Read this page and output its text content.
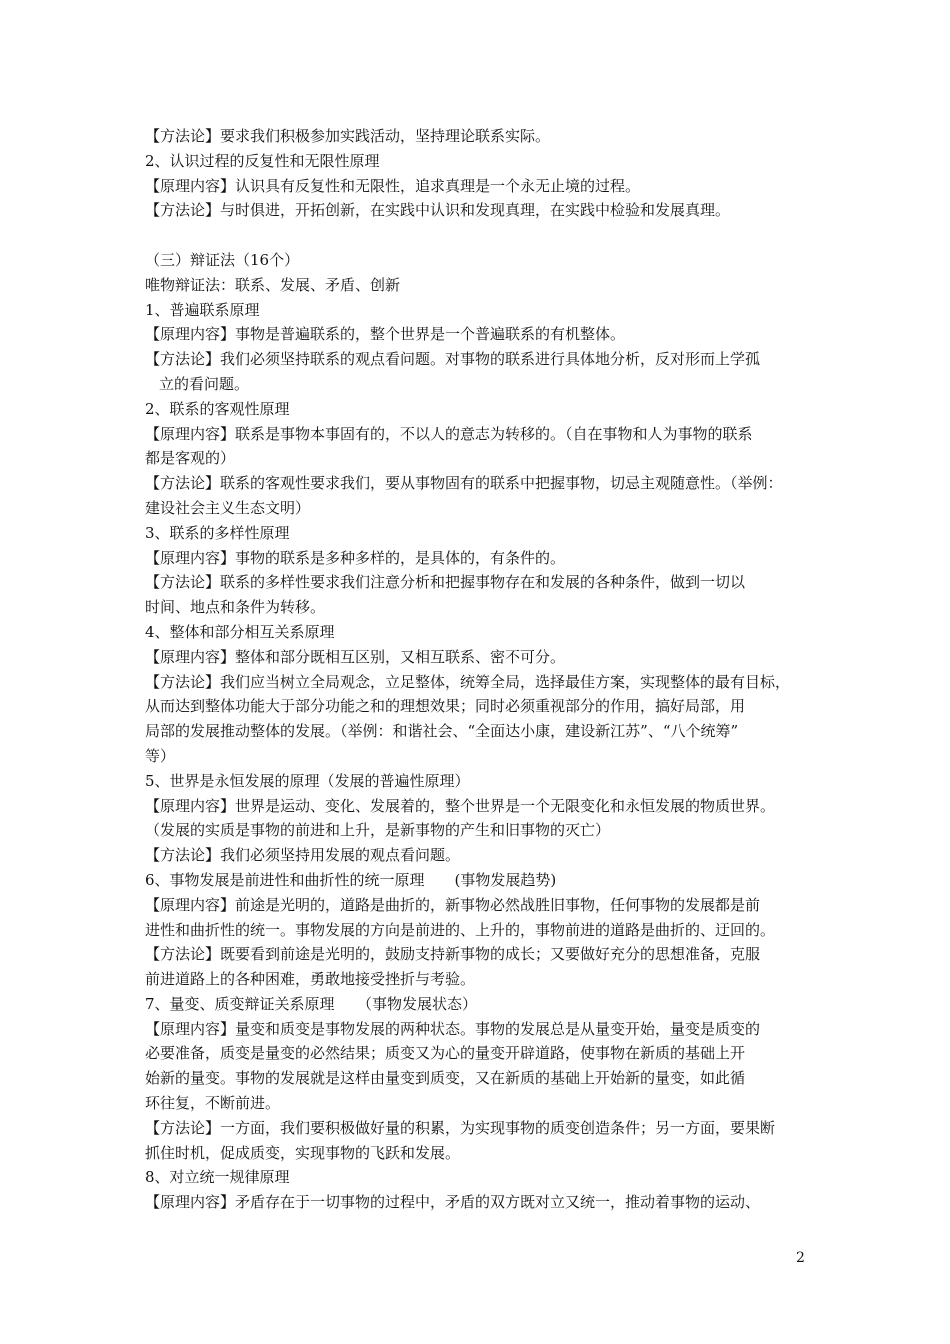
【方法论】要求我们积极参加实践活动，坚持理论联系实际。
2、认识过程的反复性和无限性原理
【原理内容】认识具有反复性和无限性，追求真理是一个永无止境的过程。
【方法论】与时俱进，开拓创新，在实践中认识和发现真理，在实践中检验和发展真理。
（三）辩证法（16个）
唯物辩证法：联系、发展、矛盾、创新
1、普遍联系原理
【原理内容】事物是普遍联系的，整个世界是一个普遍联系的有机整体。
【方法论】我们必须坚持联系的观点看问题。对事物的联系进行具体地分析，反对形而上学孤
立的看问题。
2、联系的客观性原理
【原理内容】联系是事物本事固有的，不以人的意志为转移的。（自在事物和人为事物的联系
都是客观的）
【方法论】联系的客观性要求我们，要从事物固有的联系中把握事物，切忌主观随意性。（举例：
建设社会主义生态文明）
3、联系的多样性原理
【原理内容】事物的联系是多种多样的，是具体的，有条件的。
【方法论】联系的多样性要求我们注意分析和把握事物存在和发展的各种条件，做到一切以
时间、地点和条件为转移。
4、整体和部分相互关系原理
【原理内容】整体和部分既相互区别，又相互联系、密不可分。
【方法论】我们应当树立全局观念，立足整体，统筹全局，选择最佳方案，实现整体的最有目标，
从而达到整体功能大于部分功能之和的理想效果；同时必须重视部分的作用，搞好局部，用
局部的发展推动整体的发展。（举例：和谐社会、“全面达小康，建设新江苏”、“八个统筹”
等）
5、世界是永恒发展的原理（发展的普遍性原理）
【原理内容】世界是运动、变化、发展着的，整个世界是一个无限变化和永恒发展的物质世界。
（发展的实质是事物的前进和上升，是新事物的产生和旧事物的灭亡）
【方法论】我们必须坚持用发展的观点看问题。
6、事物发展是前进性和曲折性的统一原理　　(事物发展趋势)
【原理内容】前途是光明的，道路是曲折的，新事物必然战胜旧事物，任何事物的发展都是前
进性和曲折性的统一。事物发展的方向是前进的、上升的，事物前进的道路是曲折的、迂回的。
【方法论】既要看到前途是光明的，鼓励支持新事物的成长；又要做好充分的思想准备，克服
前进道路上的各种困难，勇敢地接受挫折与考验。
7、量变、质变辩证关系原理　　（事物发展状态）
【原理内容】量变和质变是事物发展的两种状态。事物的发展总是从量变开始，量变是质变的
必要准备，质变是量变的必然结果；质变又为心的量变开辟道路，使事物在新质的基础上开
始新的量变。事物的发展就是这样由量变到质变，又在新质的基础上开始新的量变，如此循
环往复，不断前进。
【方法论】一方面，我们要积极做好量的积累，为实现事物的质变创造条件；另一方面，要果断
抓住时机，促成质变，实现事物的飞跃和发展。
8、对立统一规律原理
【原理内容】矛盾存在于一切事物的过程中，矛盾的双方既对立又统一，推动着事物的运动、
2
